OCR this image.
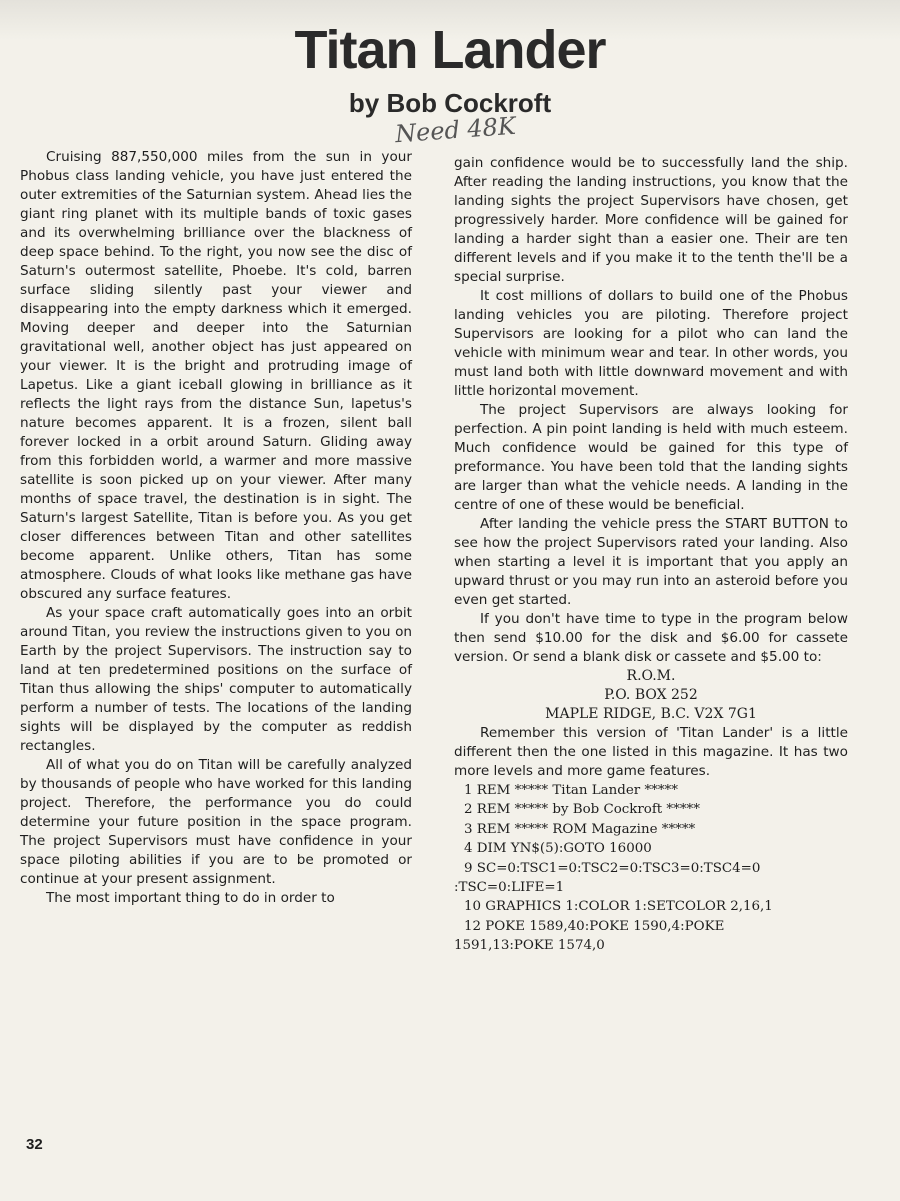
Titan Lander
by Bob Cockroft
Need 48K

Cruising 887,550,000 miles from the sun in your Phobus class landing vehicle, you have just entered the outer extremities of the Saturnian system. Ahead lies the giant ring planet with its multiple bands of toxic gases and its overwhelming brilliance over the blackness of deep space behind. To the right, you now see the disc of Saturn's outermost satellite, Phoebe. It's cold, barren surface sliding silently past your viewer and disappearing into the empty darkness which it emerged. Moving deeper and deeper into the Saturnian gravitational well, another object has just appeared on your viewer. It is the bright and protruding image of Lapetus. Like a giant iceball glowing in brilliance as it reflects the light rays from the distance Sun, lapetus's nature becomes apparent. It is a frozen, silent ball forever locked in a orbit around Saturn. Gliding away from this forbidden world, a warmer and more massive satellite is soon picked up on your viewer. After many months of space travel, the destination is in sight. The Saturn's largest Satellite, Titan is before you. As you get closer differences between Titan and other satellites become apparent. Unlike others, Titan has some atmosphere. Clouds of what looks like methane gas have obscured any surface features.

As your space craft automatically goes into an orbit around Titan, you review the instructions given to you on Earth by the project Supervisors. The instruction say to land at ten predetermined positions on the surface of Titan thus allowing the ships' computer to automatically perform a number of tests. The locations of the landing sights will be displayed by the computer as reddish rectangles.

All of what you do on Titan will be carefully analyzed by thousands of people who have worked for this landing project. Therefore, the performance you do could determine your future position in the space program. The project Supervisors must have confidence in your space piloting abilities if you are to be promoted or continue at your present assignment.

The most important thing to do in order to

gain confidence would be to successfully land the ship. After reading the landing instructions, you know that the landing sights the project Supervisors have chosen, get progressively harder. More confidence will be gained for landing a harder sight than a easier one. Their are ten different levels and if you make it to the tenth the'll be a special surprise.

It cost millions of dollars to build one of the Phobus landing vehicles you are piloting. Therefore project Supervisors are looking for a pilot who can land the vehicle with minimum wear and tear. In other words, you must land both with little downward movement and with little horizontal movement.

The project Supervisors are always looking for perfection. A pin point landing is held with much esteem. Much confidence would be gained for this type of preformance. You have been told that the landing sights are larger than what the vehicle needs. A landing in the centre of one of these would be beneficial.

After landing the vehicle press the START BUTTON to see how the project Supervisors rated your landing. Also when starting a level it is important that you apply an upward thrust or you may run into an asteroid before you even get started.

If you don't have time to type in the program below then send $10.00 for the disk and $6.00 for cassete version. Or send a blank disk or cassete and $5.00 to:

R.O.M.

P.O. BOX 252

MAPLE RIDGE, B.C. V2X 7G1

Remember this version of 'Titan Lander' is a little different then the one listed in this magazine. It has two more levels and more game features.

1 REM ***** Titan Lander *****
2 REM ***** by Bob Cockroft *****
3 REM ***** ROM Magazine *****
4 DIM YN$(5):GOTO 16000
9 SC=0:TSC1=0:TSC2=0:TSC3=0:TSC4=0
:TSC=0:LIFE=1
10 GRAPHICS 1:COLOR 1:SETCOLOR 2,16,1
12 POKE 1589,40:POKE 1590,4:POKE
1591,13:POKE 1574,0
32
